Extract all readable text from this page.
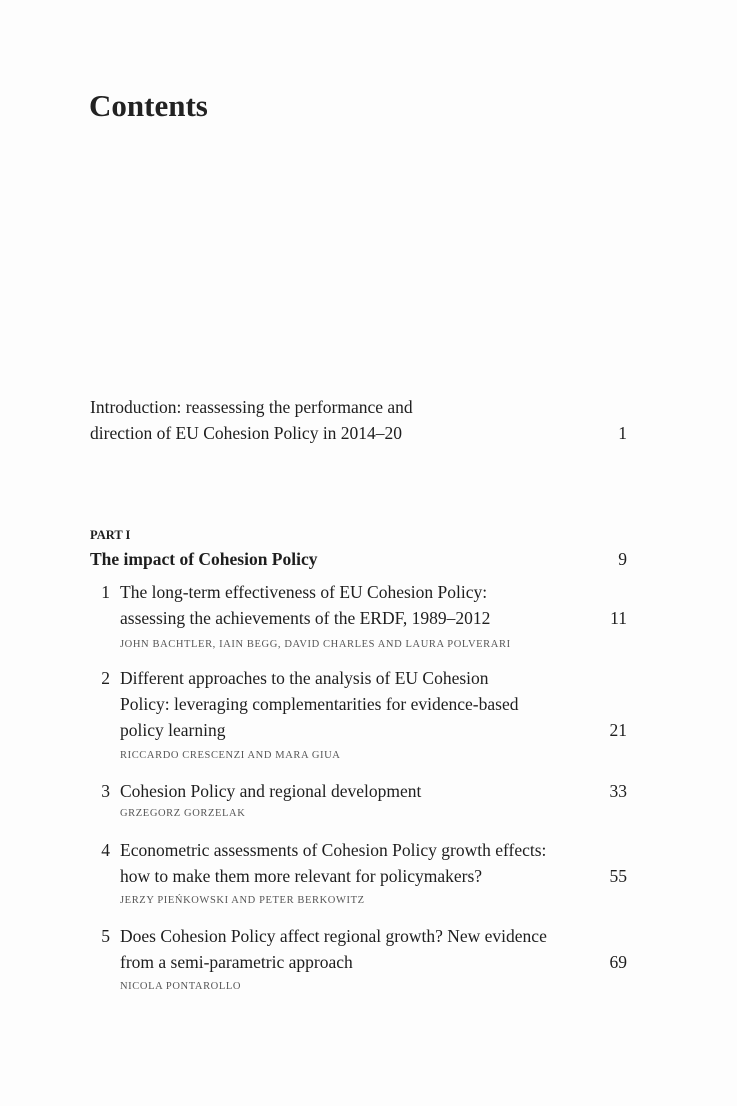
Contents
Introduction: reassessing the performance and
direction of EU Cohesion Policy in 2014–20	1
PART I
The impact of Cohesion Policy	9
1 The long-term effectiveness of EU Cohesion Policy:
assessing the achievements of the ERDF, 1989–2012	11
JOHN BACHTLER, IAIN BEGG, DAVID CHARLES AND LAURA POLVERARI
2 Different approaches to the analysis of EU Cohesion
Policy: leveraging complementarities for evidence-based
policy learning	21
RICCARDO CRESCENZI AND MARA GIUA
3 Cohesion Policy and regional development	33
GRZEGORZ GORZELAK
4 Econometric assessments of Cohesion Policy growth effects:
how to make them more relevant for policymakers?	55
JERZY PIEŃKOWSKI AND PETER BERKOWITZ
5 Does Cohesion Policy affect regional growth? New evidence
from a semi-parametric approach	69
NICOLA PONTAROLLO
